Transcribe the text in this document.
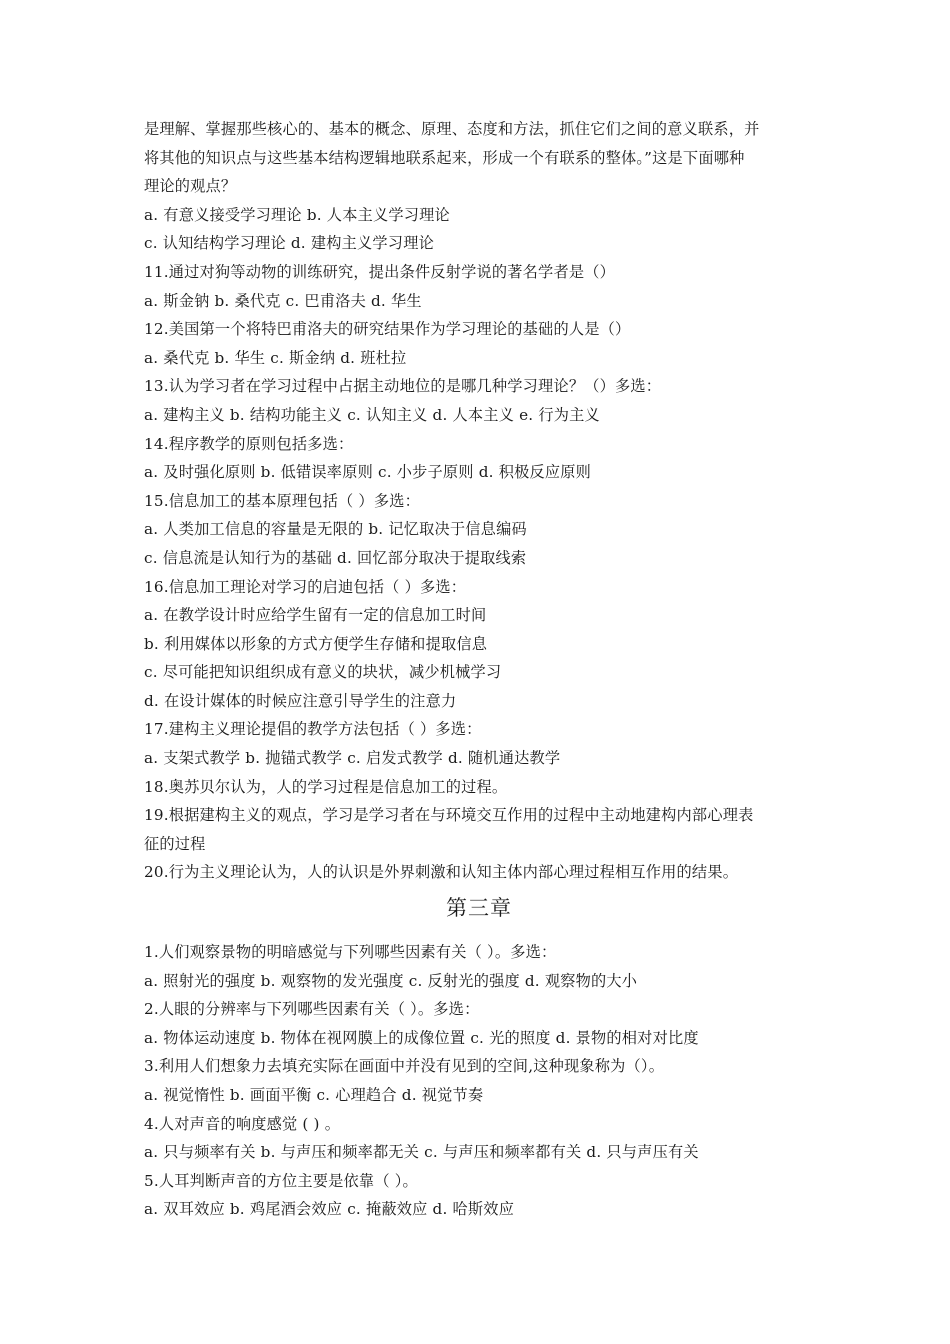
是理解、掌握那些核心的、基本的概念、原理、态度和方法，抓住它们之间的意义联系，并
将其他的知识点与这些基本结构逻辑地联系起来，形成一个有联系的整体。”这是下面哪种
理论的观点？
a. 有意义接受学习理论 b. 人本主义学习理论
c. 认知结构学习理论 d. 建构主义学习理论
11.通过对狗等动物的训练研究，提出条件反射学说的著名学者是（）
a. 斯金钠 b. 桑代克 c. 巴甫洛夫 d. 华生
12.美国第一个将特巴甫洛夫的研究结果作为学习理论的基础的人是（）
a. 桑代克 b. 华生 c. 斯金纳 d. 班杜拉
13.认为学习者在学习过程中占据主动地位的是哪几种学习理论？（）多选：
a. 建构主义 b. 结构功能主义 c. 认知主义 d. 人本主义 e. 行为主义
14.程序教学的原则包括多选：
a. 及时强化原则 b. 低错误率原则 c. 小步子原则 d. 积极反应原则
15.信息加工的基本原理包括（ ）多选：
a. 人类加工信息的容量是无限的 b. 记忆取决于信息编码
c. 信息流是认知行为的基础 d. 回忆部分取决于提取线索
16.信息加工理论对学习的启迪包括（ ）多选：
a. 在教学设计时应给学生留有一定的信息加工时间
b. 利用媒体以形象的方式方便学生存储和提取信息
c. 尽可能把知识组织成有意义的块状，减少机械学习
d. 在设计媒体的时候应注意引导学生的注意力
17.建构主义理论提倡的教学方法包括（ ）多选：
a. 支架式教学 b. 抛锚式教学 c. 启发式教学 d. 随机通达教学
18.奥苏贝尔认为，人的学习过程是信息加工的过程。
19.根据建构主义的观点，学习是学习者在与环境交互作用的过程中主动地建构内部心理表
征的过程
20.行为主义理论认为，人的认识是外界刺激和认知主体内部心理过程相互作用的结果。
第三章
1.人们观察景物的明暗感觉与下列哪些因素有关（ ）。多选：
a. 照射光的强度 b. 观察物的发光强度 c. 反射光的强度 d. 观察物的大小
2.人眼的分辨率与下列哪些因素有关（ ）。多选：
a. 物体运动速度 b. 物体在视网膜上的成像位置 c. 光的照度 d. 景物的相对对比度
3.利用人们想象力去填充实际在画面中并没有见到的空间,这种现象称为（）。
a. 视觉惰性 b. 画面平衡 c. 心理趋合 d. 视觉节奏
4.人对声音的响度感觉 ( ) 。
a. 只与频率有关 b. 与声压和频率都无关 c. 与声压和频率都有关 d. 只与声压有关
5.人耳判断声音的方位主要是依靠（ ）。
a. 双耳效应 b. 鸡尾酒会效应 c. 掩蔽效应 d. 哈斯效应
